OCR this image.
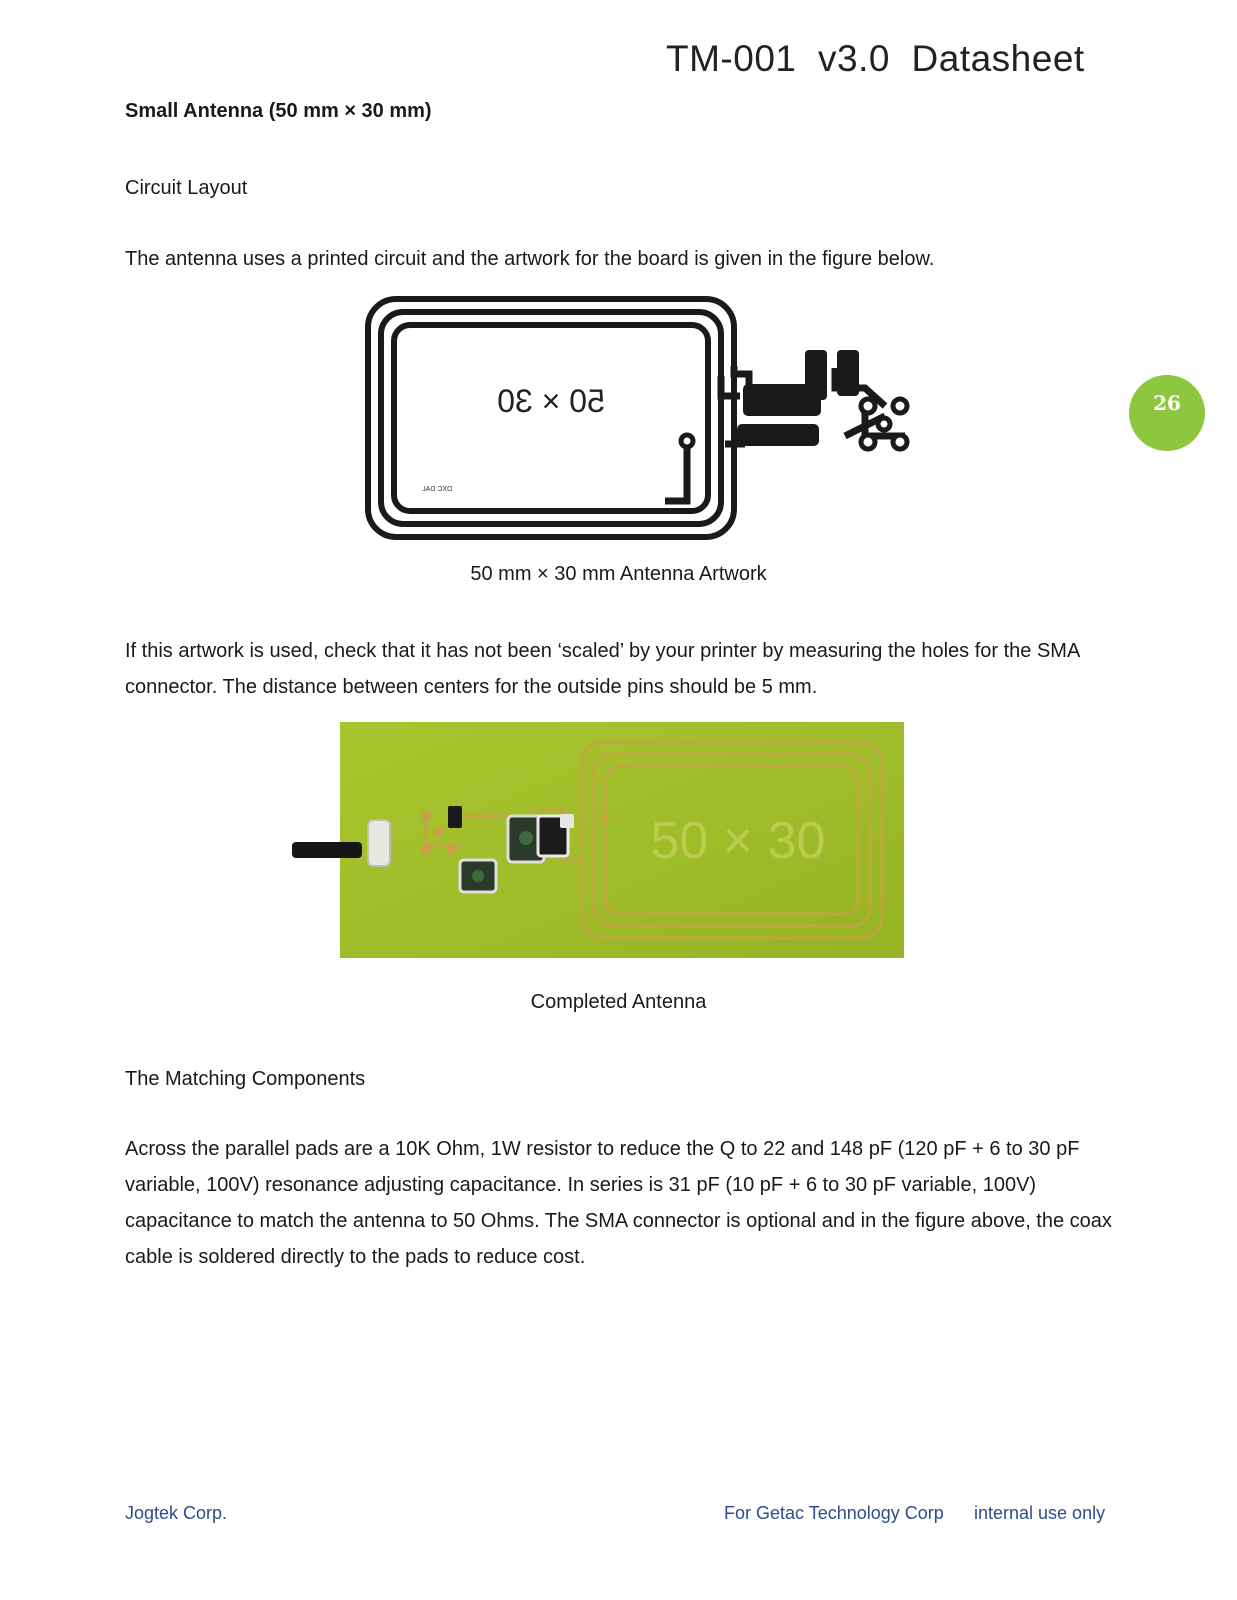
TM-001  v3.0  Datasheet
Small Antenna (50 mm × 30 mm)
Circuit Layout
The antenna uses a printed circuit and the artwork for the board is given in the figure below.
50 × 30
DXC DAL
50 mm × 30 mm Antenna Artwork
If this artwork is used, check that it has not been ‘scaled’ by your printer by measuring the holes for the SMA connector. The distance between centers for the outside pins should be 5 mm.
50 × 30
Completed Antenna
The Matching Components
Across the parallel pads are a 10K Ohm, 1W resistor to reduce the Q to 22 and 148 pF (120 pF + 6 to 30 pF variable, 100V) resonance adjusting capacitance. In series is 31 pF (10 pF + 6 to 30 pF variable, 100V) capacitance to match the antenna to 50 Ohms. The SMA connector is optional and in the figure above, the coax cable is soldered directly to the pads to reduce cost.
26
Jogtek Corp.	For Getac Technology Corp internal use only
